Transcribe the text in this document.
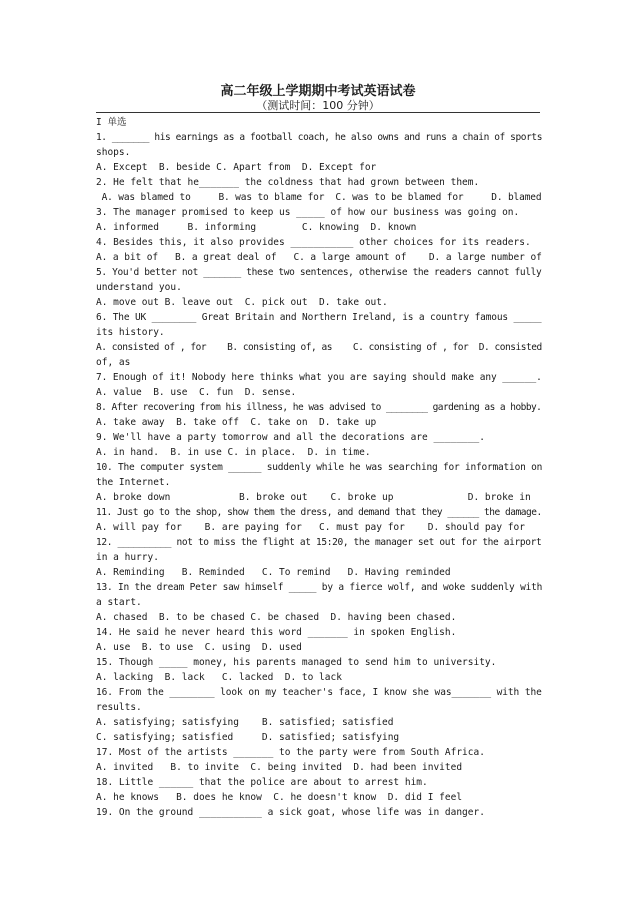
高二年级上学期期中考试英语试卷
（测试时间：100 分钟）
I 单选
1. _______ his earnings as a football coach, he also owns and runs a chain of sports
shops.
A. Except  B. beside C. Apart from  D. Except for
2. He felt that he_______ the coldness that had grown between them.
A. was blamed to     B. was to blame for  C. was to be blamed for     D. blamed
3. The manager promised to keep us _____ of how our business was going on.
A. informed     B. informing        C. knowing  D. known
4. Besides this, it also provides ___________ other choices for its readers.
A. a bit of   B. a great deal of   C. a large amount of    D. a large number of
5. You'd better not _______ these two sentences, otherwise the readers cannot fully
understand you.
A. move out B. leave out  C. pick out  D. take out.
6. The UK ________ Great Britain and Northern Ireland, is a country famous _____
its history.
A. consisted of , for    B. consisting of, as    C. consisting of , for  D. consisted
of, as
7. Enough of it! Nobody here thinks what you are saying should make any ______.
A. value  B. use  C. fun  D. sense.
8. After recovering from his illness, he was advised to ________ gardening as a hobby.
A. take away  B. take off  C. take on  D. take up
9. We'll have a party tomorrow and all the decorations are ________.
A. in hand.  B. in use C. in place.  D. in time.
10. The computer system ______ suddenly while he was searching for information on
the Internet.
A. broke down            B. broke out    C. broke up             D. broke in
11. Just go to the shop, show them the dress, and demand that they ______ the damage.
A. will pay for    B. are paying for   C. must pay for    D. should pay for
12. __________ not to miss the flight at 15:20, the manager set out for the airport
in a hurry.
A. Reminding   B. Reminded   C. To remind   D. Having reminded
13. In the dream Peter saw himself _____ by a fierce wolf, and woke suddenly with
a start.
A. chased  B. to be chased C. be chased  D. having been chased.
14. He said he never heard this word _______ in spoken English.
A. use  B. to use  C. using  D. used
15. Though _____ money, his parents managed to send him to university.
A. lacking  B. lack   C. lacked  D. to lack
16. From the ________ look on my teacher's face, I know she was_______ with the
results.
A. satisfying; satisfying    B. satisfied; satisfied
C. satisfying; satisfied     D. satisfied; satisfying
17. Most of the artists _______ to the party were from South Africa.
A. invited   B. to invite  C. being invited  D. had been invited
18. Little ______ that the police are about to arrest him.
A. he knows   B. does he know  C. he doesn't know  D. did I feel
19. On the ground ___________ a sick goat, whose life was in danger.
